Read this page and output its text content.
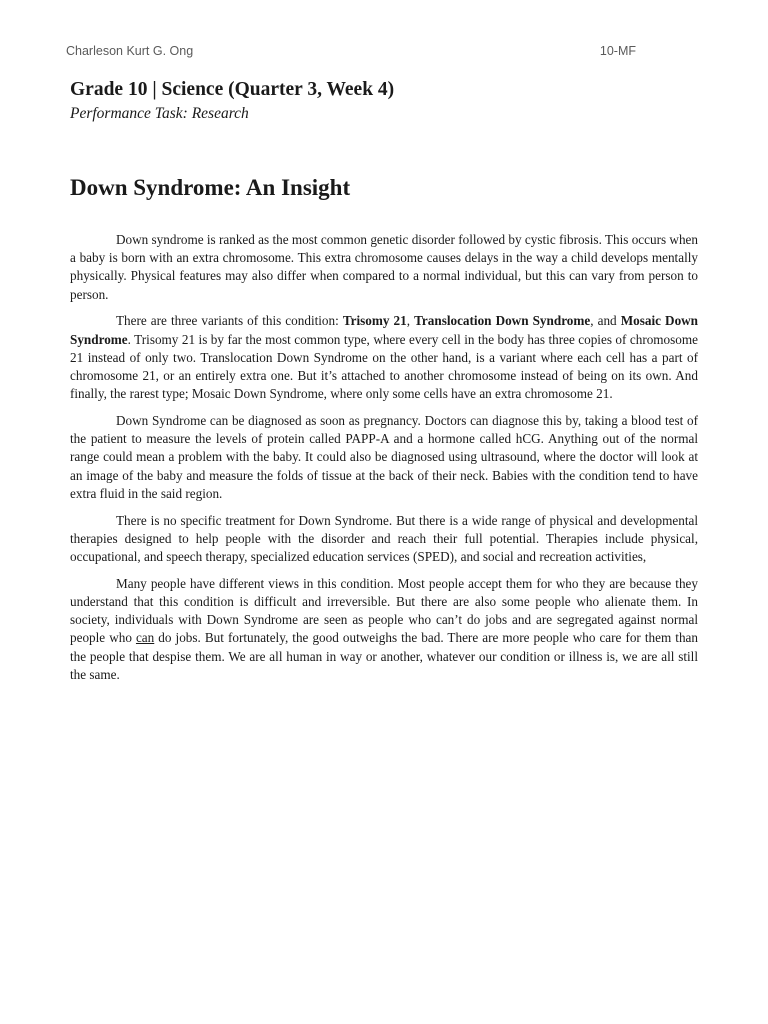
Charleson Kurt G. Ong	10-MF
Grade 10 | Science (Quarter 3, Week 4)
Performance Task: Research
Down Syndrome: An Insight

Down syndrome is ranked as the most common genetic disorder followed by cystic fibrosis. This occurs when a baby is born with an extra chromosome. This extra chromosome causes delays in the way a child develops mentally physically. Physical features may also differ when compared to a normal individual, but this can vary from person to person.

There are three variants of this condition: Trisomy 21, Translocation Down Syndrome, and Mosaic Down Syndrome. Trisomy 21 is by far the most common type, where every cell in the body has three copies of chromosome 21 instead of only two. Translocation Down Syndrome on the other hand, is a variant where each cell has a part of chromosome 21, or an entirely extra one. But it’s attached to another chromosome instead of being on its own. And finally, the rarest type; Mosaic Down Syndrome, where only some cells have an extra chromosome 21.

Down Syndrome can be diagnosed as soon as pregnancy. Doctors can diagnose this by, taking a blood test of the patient to measure the levels of protein called PAPP-A and a hormone called hCG. Anything out of the normal range could mean a problem with the baby. It could also be diagnosed using ultrasound, where the doctor will look at an image of the baby and measure the folds of tissue at the back of their neck. Babies with the condition tend to have extra fluid in the said region.

There is no specific treatment for Down Syndrome. But there is a wide range of physical and developmental therapies designed to help people with the disorder and reach their full potential. Therapies include physical, occupational, and speech therapy, specialized education services (SPED), and social and recreation activities,

Many people have different views in this condition. Most people accept them for who they are because they understand that this condition is difficult and irreversible. But there are also some people who alienate them. In society, individuals with Down Syndrome are seen as people who can’t do jobs and are segregated against normal people who can do jobs. But fortunately, the good outweighs the bad. There are more people who care for them than the people that despise them. We are all human in way or another, whatever our condition or illness is, we are all still the same.
